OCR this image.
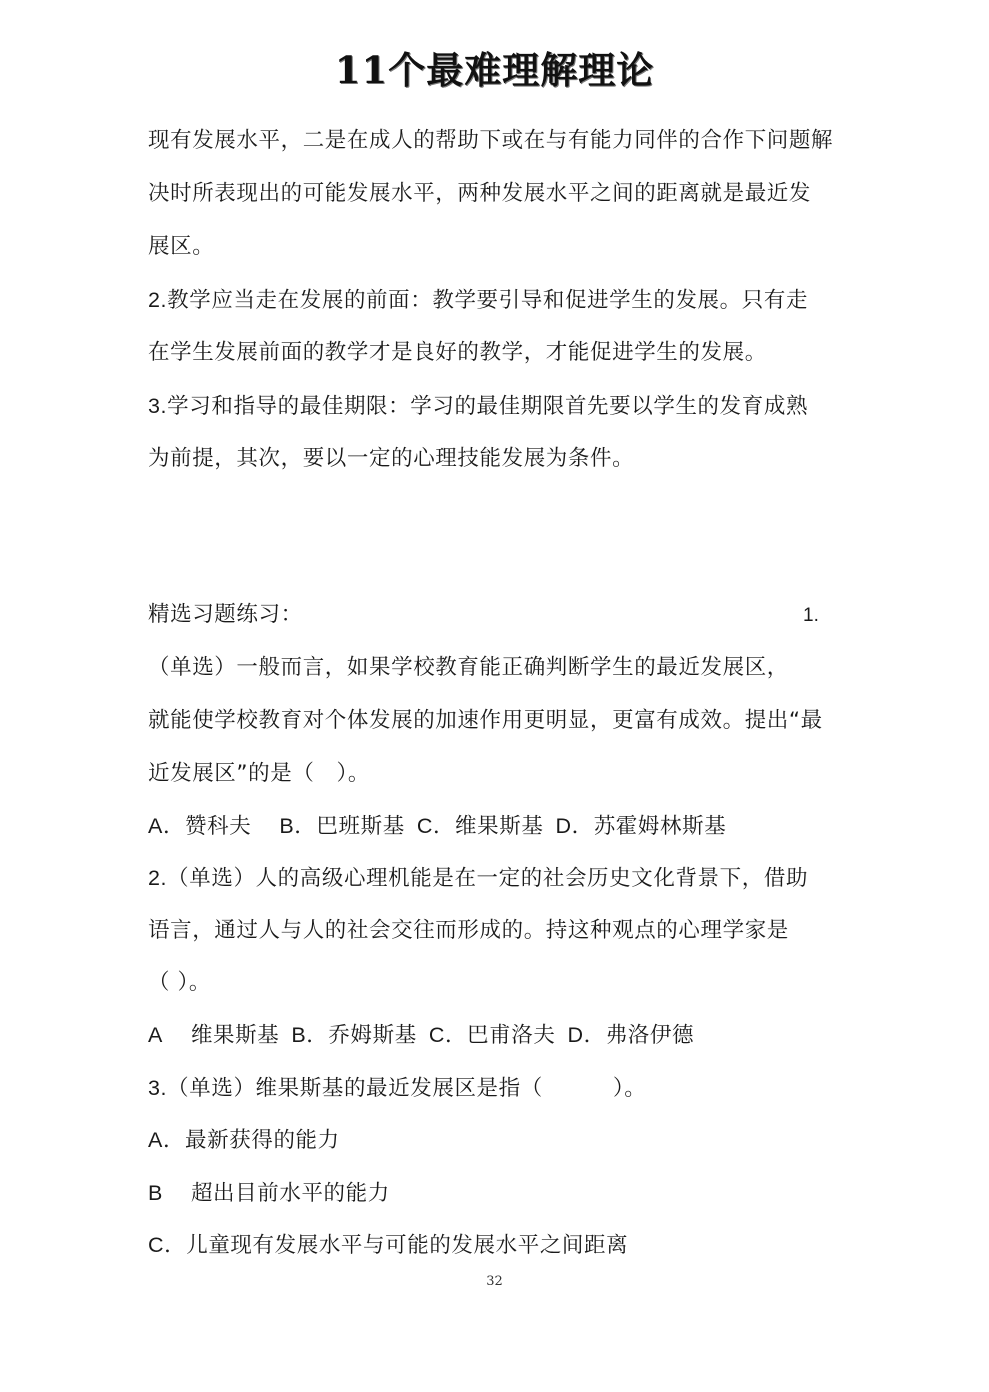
11个最难理解理论
现有发展水平，二是在成人的帮助下或在与有能力同伴的合作下问题解
决时所表现出的可能发展水平，两种发展水平之间的距离就是最近发
展区。
2.教学应当走在发展的前面：教学要引导和促进学生的发展。只有走
在学生发展前面的教学才是良好的教学，才能促进学生的发展。
3.学习和指导的最佳期限：学习的最佳期限首先要以学生的发育成熟
为前提，其次，要以一定的心理技能发展为条件。
精选习题练习：	1.
（单选）一般而言，如果学校教育能正确判断学生的最近发展区，
就能使学校教育对个体发展的加速作用更明显，更富有成效。提出“最
近发展区”的是（　）。
A．赞科夫 B．巴班斯基 C．维果斯基 D．苏霍姆林斯基
2.（单选）人的高级心理机能是在一定的社会历史文化背景下，借助
语言，通过人与人的社会交往而形成的。持这种观点的心理学家是
（ ）。
A 维果斯基 B．乔姆斯基 C．巴甫洛夫 D．弗洛伊德
3.（单选）维果斯基的最近发展区是指（	）。
A．最新获得的能力
B 超出目前水平的能力
C．儿童现有发展水平与可能的发展水平之间距离
32
